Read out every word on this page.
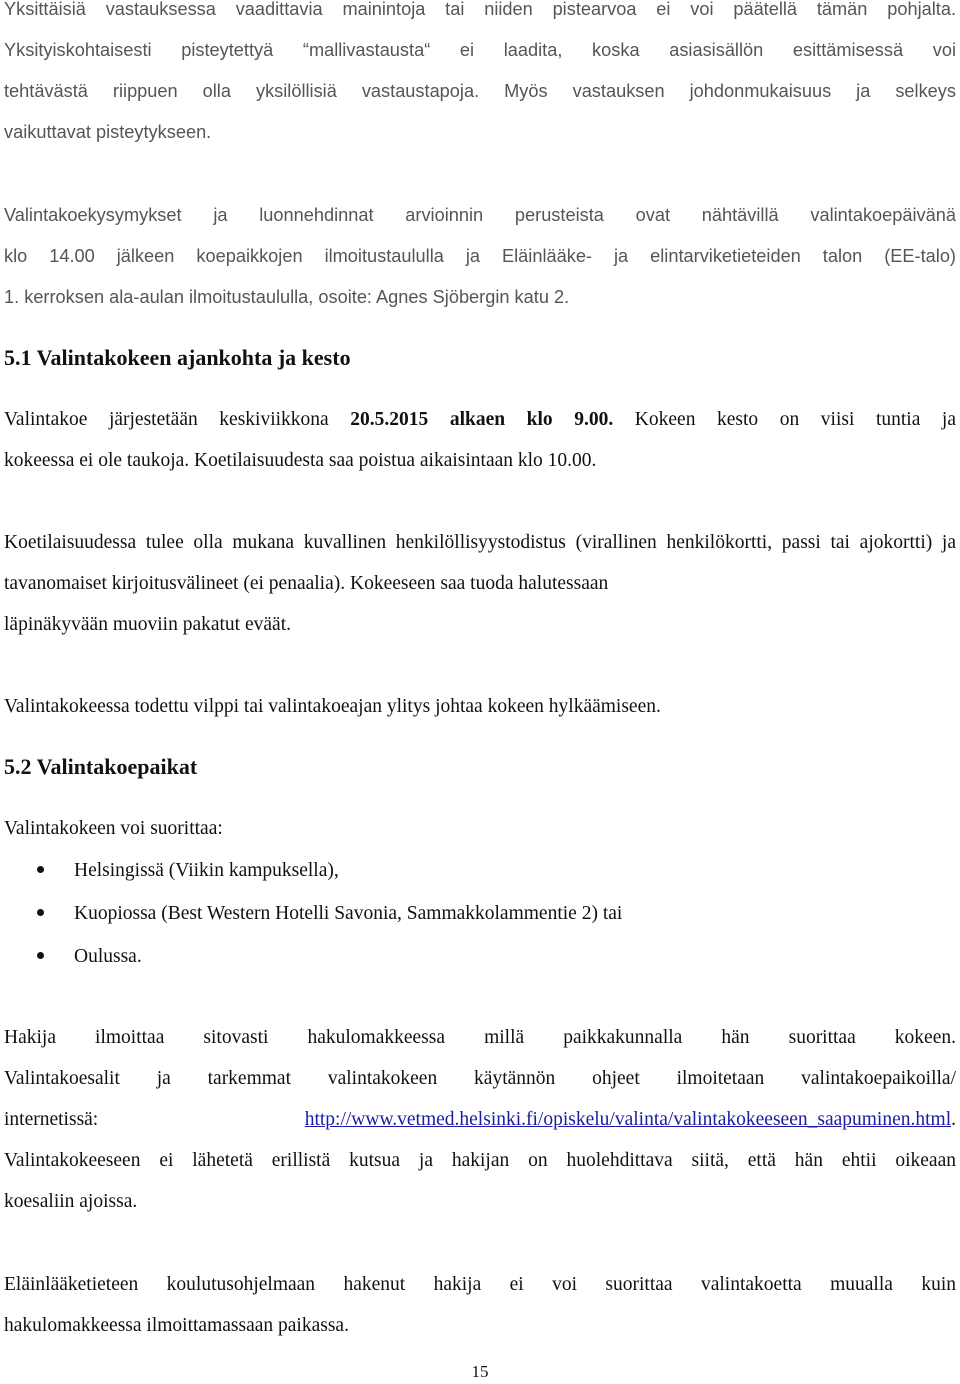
Yksittäisiä vastauksessa vaadittavia mainintoja tai niiden pistearvoa ei voi päätellä tämän pohjalta.
Yksityiskohtaisesti pisteytettyä “mallivastausta“ ei laadita, koska asiasisällön esittämisessä voi
tehtävästä riippuen olla yksilöllisiä vastaustapoja. Myös vastauksen johdonmukaisuus ja selkeys
vaikuttavat pisteytykseen.
Valintakoekysymykset ja luonnehdinnat arvioinnin perusteista ovat nähtävillä valintakoepäivänä
klo 14.00 jälkeen koepaikkojen ilmoitustaululla ja Eläinlääke- ja elintarviketieteiden talon (EE-talo)
1. kerroksen ala-aulan ilmoitustaululla, osoite: Agnes Sjöbergin katu 2.
5.1 Valintakokeen ajankohta ja kesto
Valintakoe järjestetään keskiviikkona 20.5.2015 alkaen klo 9.00. Kokeen kesto on viisi tuntia ja
kokeessa ei ole taukoja. Koetilaisuudesta saa poistua aikaisintaan klo 10.00.
Koetilaisuudessa tulee olla mukana kuvallinen henkilöllisyystodistus (virallinen henkilökortti, passi tai ajokortti) ja tavanomaiset kirjoitusvälineet (ei penaalia). Kokeeseen saa tuoda halutessaan
läpinäkyvään muoviin pakatut eväät.
Valintakokeessa todettu vilppi tai valintakoeajan ylitys johtaa kokeen hylkäämiseen.
5.2 Valintakoepaikat
Valintakokeen voi suorittaa:
Helsingissä (Viikin kampuksella),
Kuopiossa (Best Western Hotelli Savonia, Sammakkolammentie 2) tai
Oulussa.
Hakija ilmoittaa sitovasti hakulomakkeessa millä paikkakunnalla hän suorittaa kokeen.
Valintakoesalit ja tarkemmat valintakokeen käytännön ohjeet ilmoitetaan valintakoepaikoilla/
internetissä:	http://www.vetmed.helsinki.fi/opiskelu/valinta/valintakokeeseen_saapuminen.html.
Valintakokeeseen ei lähetetä erillistä kutsua ja hakijan on huolehdittava siitä, että hän ehtii oikeaan
koesaliin ajoissa.
Eläinlääketieteen koulutusohjelmaan hakenut hakija ei voi suorittaa valintakoetta muualla kuin
hakulomakkeessa ilmoittamassaan paikassa.
15
